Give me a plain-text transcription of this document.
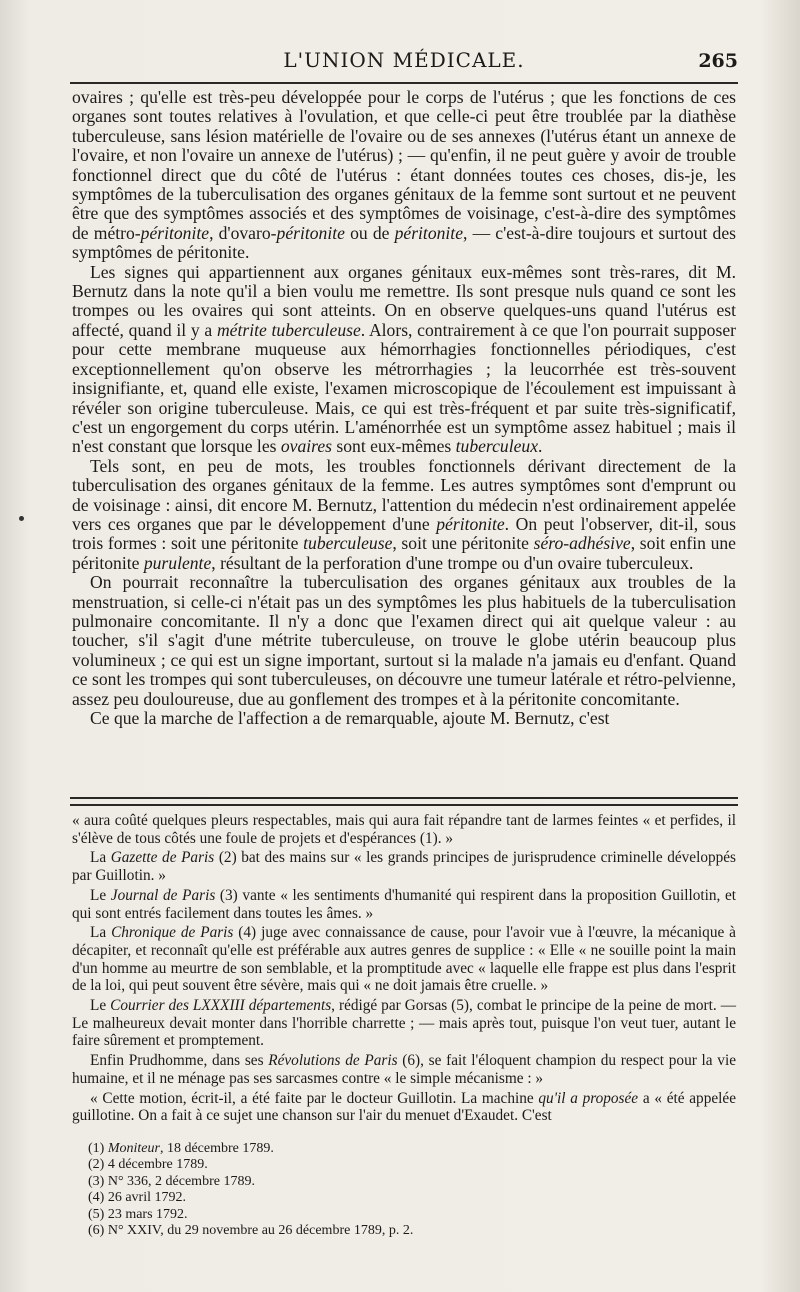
L'UNION MÉDICALE.	265

ovaires ; qu'elle est très-peu développée pour le corps de l'utérus ; que les fonctions de ces organes sont toutes relatives à l'ovulation, et que celle-ci peut être troublée par la diathèse tuberculeuse, sans lésion matérielle de l'ovaire ou de ses annexes (l'utérus étant un annexe de l'ovaire, et non l'ovaire un annexe de l'utérus) ; — qu'enfin, il ne peut guère y avoir de trouble fonctionnel direct que du côté de l'utérus : étant données toutes ces choses, dis-je, les symptômes de la tuberculisation des organes génitaux de la femme sont surtout et ne peuvent être que des symptômes associés et des symptômes de voisinage, c'est-à-dire des symptômes de métro-péritonite, d'ovaro-péritonite ou de péritonite, — c'est-à-dire toujours et surtout des symptômes de péritonite.

Les signes qui appartiennent aux organes génitaux eux-mêmes sont très-rares, dit M. Bernutz dans la note qu'il a bien voulu me remettre. Ils sont presque nuls quand ce sont les trompes ou les ovaires qui sont atteints. On en observe quelques-uns quand l'utérus est affecté, quand il y a métrite tuberculeuse. Alors, contrairement à ce que l'on pourrait supposer pour cette membrane muqueuse aux hémorrhagies fonctionnelles périodiques, c'est exceptionnellement qu'on observe les métrorrhagies ; la leucorrhée est très-souvent insignifiante, et, quand elle existe, l'examen microscopique de l'écoulement est impuissant à révéler son origine tuberculeuse. Mais, ce qui est très-fréquent et par suite très-significatif, c'est un engorgement du corps utérin. L'aménorrhée est un symptôme assez habituel ; mais il n'est constant que lorsque les ovaires sont eux-mêmes tuberculeux.

Tels sont, en peu de mots, les troubles fonctionnels dérivant directement de la tuberculisation des organes génitaux de la femme. Les autres symptômes sont d'emprunt ou de voisinage : ainsi, dit encore M. Bernutz, l'attention du médecin n'est ordinairement appelée vers ces organes que par le développement d'une péritonite. On peut l'observer, dit-il, sous trois formes : soit une péritonite tuberculeuse, soit une péritonite séro-adhésive, soit enfin une péritonite purulente, résultant de la perforation d'une trompe ou d'un ovaire tuberculeux.

On pourrait reconnaître la tuberculisation des organes génitaux aux troubles de la menstruation, si celle-ci n'était pas un des symptômes les plus habituels de la tuberculisation pulmonaire concomitante. Il n'y a donc que l'examen direct qui ait quelque valeur : au toucher, s'il s'agit d'une métrite tuberculeuse, on trouve le globe utérin beaucoup plus volumineux ; ce qui est un signe important, surtout si la malade n'a jamais eu d'enfant. Quand ce sont les trompes qui sont tuberculeuses, on découvre une tumeur latérale et rétro-pelvienne, assez peu douloureuse, due au gonflement des trompes et à la péritonite concomitante.

Ce que la marche de l'affection a de remarquable, ajoute M. Bernutz, c'est

« aura coûté quelques pleurs respectables, mais qui aura fait répandre tant de larmes feintes « et perfides, il s'élève de tous côtés une foule de projets et d'espérances (1). »

La Gazette de Paris (2) bat des mains sur « les grands principes de jurisprudence criminelle développés par Guillotin. »

Le Journal de Paris (3) vante « les sentiments d'humanité qui respirent dans la proposition Guillotin, et qui sont entrés facilement dans toutes les âmes. »

La Chronique de Paris (4) juge avec connaissance de cause, pour l'avoir vue à l'œuvre, la mécanique à décapiter, et reconnaît qu'elle est préférable aux autres genres de supplice : « Elle « ne souille point la main d'un homme au meurtre de son semblable, et la promptitude avec « laquelle elle frappe est plus dans l'esprit de la loi, qui peut souvent être sévère, mais qui « ne doit jamais être cruelle. »

Le Courrier des LXXXIII départements, rédigé par Gorsas (5), combat le principe de la peine de mort. — Le malheureux devait monter dans l'horrible charrette ; — mais après tout, puisque l'on veut tuer, autant le faire sûrement et promptement.

Enfin Prudhomme, dans ses Révolutions de Paris (6), se fait l'éloquent champion du respect pour la vie humaine, et il ne ménage pas ses sarcasmes contre « le simple mécanisme : »

« Cette motion, écrit-il, a été faite par le docteur Guillotin. La machine qu'il a proposée a « été appelée guillotine. On a fait à ce sujet une chanson sur l'air du menuet d'Exaudet. C'est

(1) Moniteur, 18 décembre 1789.
(2) 4 décembre 1789.
(3) N° 336, 2 décembre 1789.
(4) 26 avril 1792.
(5) 23 mars 1792.
(6) N° XXIV, du 29 novembre au 26 décembre 1789, p. 2.
